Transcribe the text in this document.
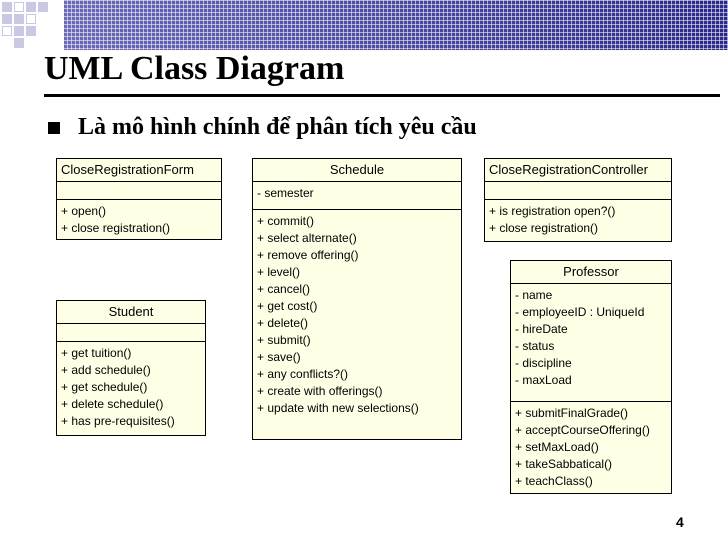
UML Class Diagram
Là mô hình chính để phân tích yêu cầu
CloseRegistrationForm
+ open()
+ close registration()
Schedule
- semester
+ commit()
+ select alternate()
+ remove offering()
+ level()
+ cancel()
+ get cost()
+ delete()
+ submit()
+ save()
+ any conflicts?()
+ create with offerings()
+ update with new selections()
CloseRegistrationController
+ is registration open?()
+ close registration()
Student
+ get tuition()
+ add schedule()
+ get schedule()
+ delete schedule()
+ has pre-requisites()
Professor
- name
- employeeID : UniqueId
- hireDate
- status
- discipline
- maxLoad
+ submitFinalGrade()
+ acceptCourseOffering()
+ setMaxLoad()
+ takeSabbatical()
+ teachClass()
4
